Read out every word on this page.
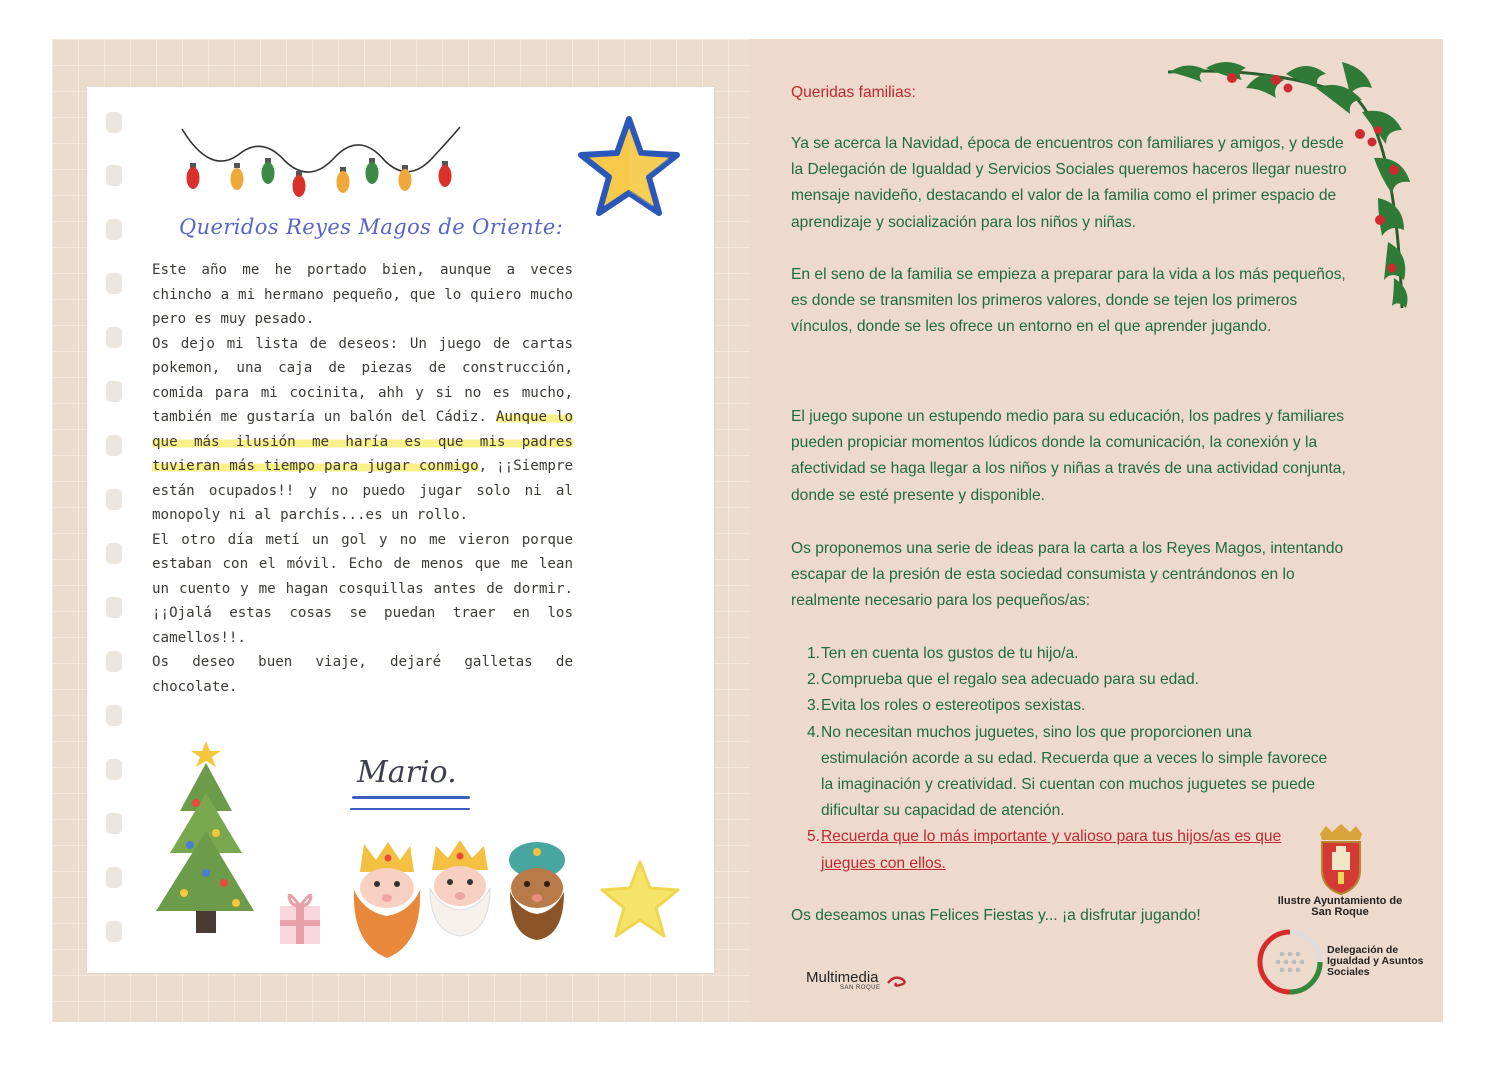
Queridos Reyes Magos de Oriente:

Este año me he portado bien, aunque a veces chincho a mi hermano pequeño, que lo quiero mucho pero es muy pesado.

Os dejo mi lista de deseos: Un juego de cartas pokemon, una caja de piezas de construcción, comida para mi cocinita, ahh y si no es mucho, también me gustaría un balón del Cádiz. Aunque lo que más ilusión me haría es que mis padres tuvieran más tiempo para jugar conmigo, ¡¡Siempre están ocupados!! y no puedo jugar solo ni al monopoly ni al parchís...es un rollo.

El otro día metí un gol y no me vieron porque estaban con el móvil. Echo de menos que me lean un cuento y me hagan cosquillas antes de dormir. ¡¡Ojalá estas cosas se puedan traer en los camellos!!.

Os deseo buen viaje, dejaré galletas de chocolate.

Mario.

Queridas familias:

Ya se acerca la Navidad, época de encuentros con familiares y amigos, y desde la Delegación de Igualdad y Servicios Sociales queremos haceros llegar nuestro mensaje navideño, destacando el valor de la familia como el primer espacio de aprendizaje y socialización para los niños y niñas.

En el seno de la familia se empieza a preparar para la vida a los más pequeños, es donde se transmiten los primeros valores, donde se tejen los primeros vínculos, donde se les ofrece un entorno en el que aprender jugando.

El juego supone un estupendo medio para su educación, los padres y familiares pueden propiciar momentos lúdicos donde la comunicación, la conexión y la afectividad se haga llegar a los niños y niñas a través de una actividad conjunta, donde se esté presente y disponible.

Os proponemos una serie de ideas para la carta a los Reyes Magos, intentando escapar de la presión de esta sociedad consumista y centrándonos en lo realmente necesario para los pequeños/as:

1. Ten en cuenta los gustos de tu hijo/a.
2. Comprueba que el regalo sea adecuado para su edad.
3. Evita los roles o estereotipos sexistas.
4. No necesitan muchos juguetes, sino los que proporcionen una estimulación acorde a su edad. Recuerda que a veces lo simple favorece la imaginación y creatividad. Si cuentan con muchos juguetes se puede dificultar su capacidad de atención.
5. Recuerda que lo más importante y valioso para tus hijos/as es que juegues con ellos.

Os deseamos unas Felices Fiestas y... ¡a disfrutar jugando!

Ilustre Ayuntamiento de San Roque
Delegación de Igualdad y Asuntos Sociales
Multimedia
SAN ROQUE
